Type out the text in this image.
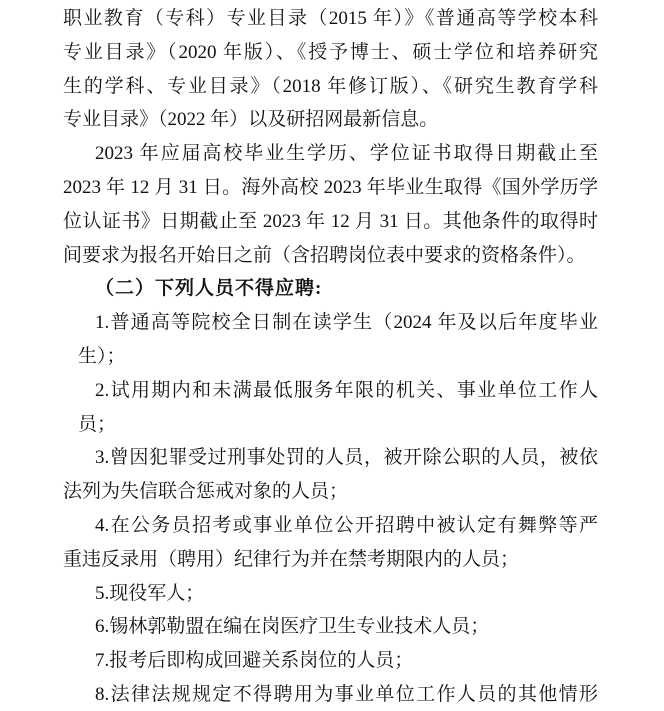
职业教育（专科）专业目录（2015 年）》《普通高等学校本科
专业目录》（2020 年版）、《授予博士、硕士学位和培养研究
生的学科、专业目录》（2018 年修订版）、《研究生教育学科
专业目录》（2022 年）以及研招网最新信息。
2023 年应届高校毕业生学历、学位证书取得日期截止至
2023 年 12 月 31 日。海外高校 2023 年毕业生取得《国外学历学
位认证书》日期截止至 2023 年 12 月 31 日。其他条件的取得时
间要求为报名开始日之前（含招聘岗位表中要求的资格条件）。
（二）下列人员不得应聘:
1.普通高等院校全日制在读学生（2024 年及以后年度毕业
生）；
2.试用期内和未满最低服务年限的机关、事业单位工作人
员；
3.曾因犯罪受过刑事处罚的人员，被开除公职的人员，被依
法列为失信联合惩戒对象的人员；
4.在公务员招考或事业单位公开招聘中被认定有舞弊等严
重违反录用（聘用）纪律行为并在禁考期限内的人员；
5.现役军人；
6.锡林郭勒盟在编在岗医疗卫生专业技术人员；
7.报考后即构成回避关系岗位的人员；
8.法律法规规定不得聘用为事业单位工作人员的其他情形
